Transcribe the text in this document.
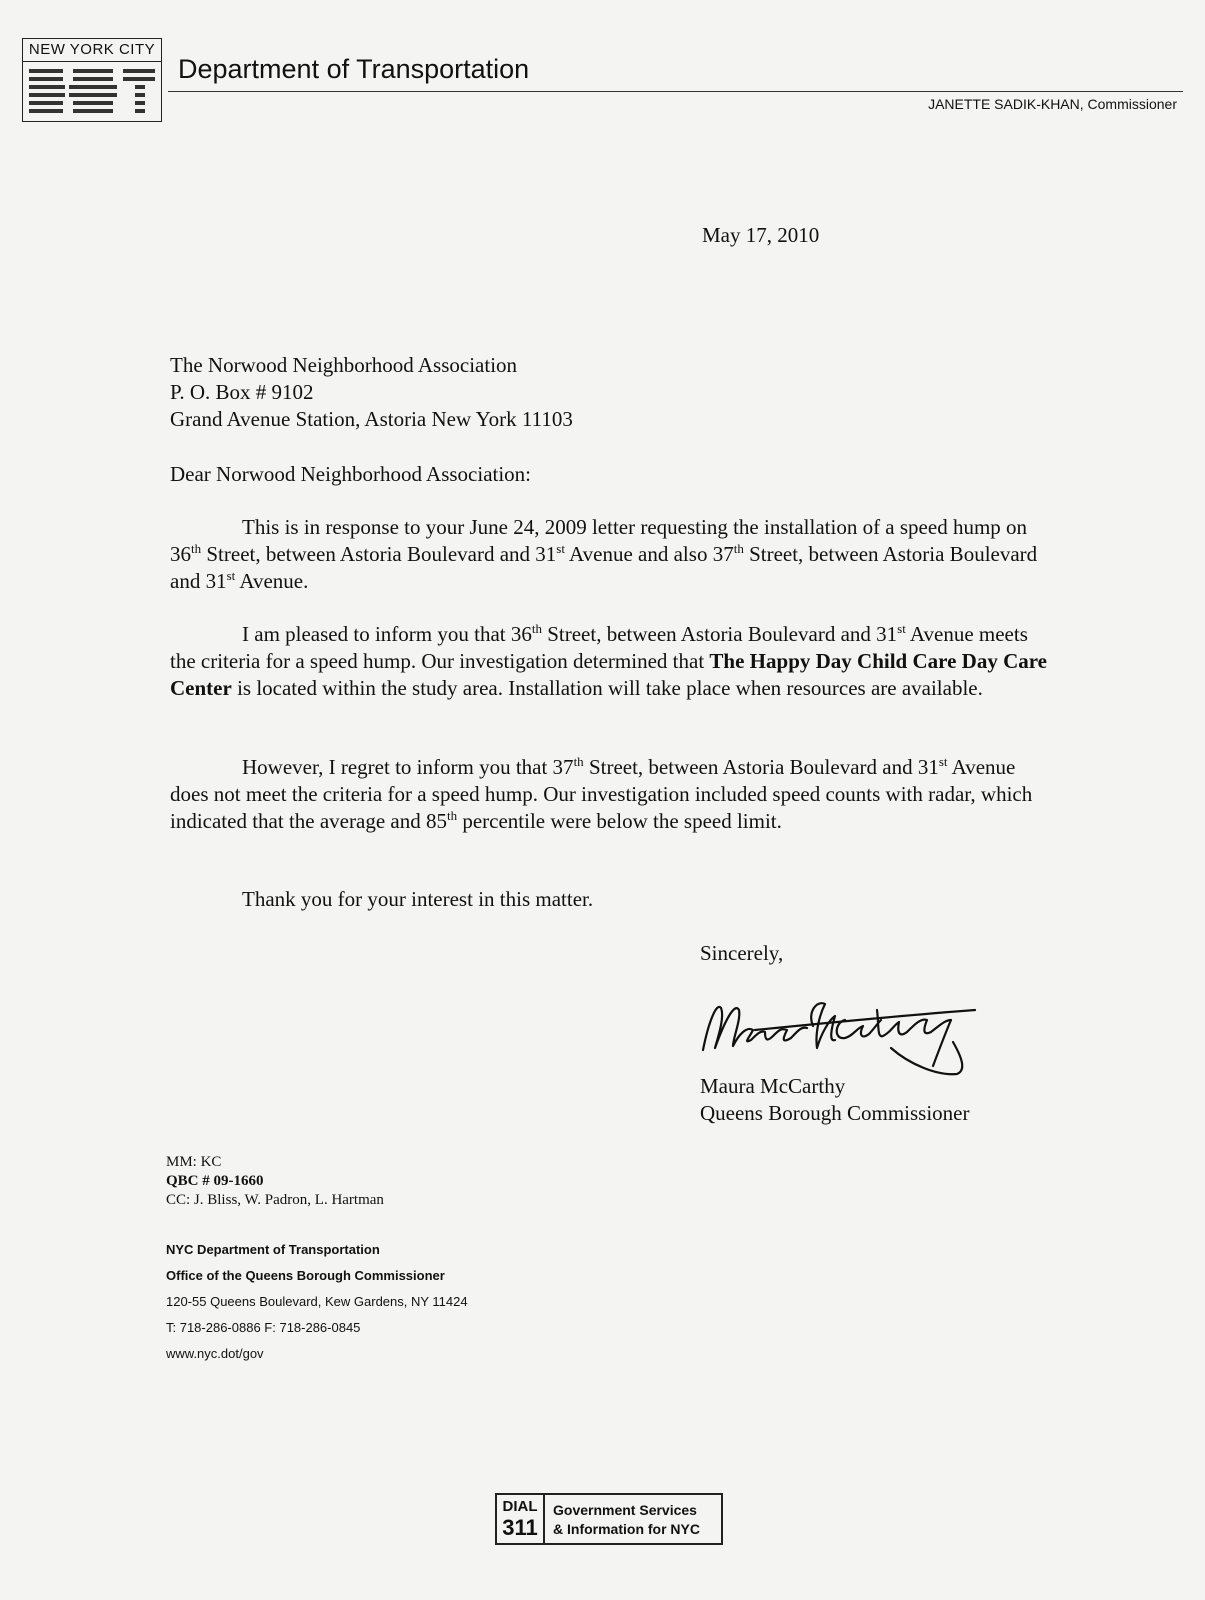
NEW YORK CITY
Department of Transportation
JANETTE SADIK-KHAN, Commissioner
May 17, 2010
The Norwood Neighborhood Association
P. O. Box # 9102
Grand Avenue Station, Astoria New York 11103
Dear Norwood Neighborhood Association:
This is in response to your June 24, 2009 letter requesting the installation of a speed hump on 36th Street, between Astoria Boulevard and 31st Avenue and also 37th Street, between Astoria Boulevard and 31st Avenue.
I am pleased to inform you that 36th Street, between Astoria Boulevard and 31st Avenue meets the criteria for a speed hump. Our investigation determined that The Happy Day Child Care Day Care Center is located within the study area. Installation will take place when resources are available.
However, I regret to inform you that 37th Street, between Astoria Boulevard and 31st Avenue does not meet the criteria for a speed hump. Our investigation included speed counts with radar, which indicated that the average and 85th percentile were below the speed limit.
Thank you for your interest in this matter.
Sincerely,
Maura McCarthy
Queens Borough Commissioner
MM: KC
QBC # 09-1660
CC: J. Bliss, W. Padron, L. Hartman
NYC Department of Transportation
Office of the Queens Borough Commissioner
120-55 Queens Boulevard, Kew Gardens, NY 11424
T: 718-286-0886 F: 718-286-0845
www.nyc.dot/gov
DIAL
311
Government Services
& Information for NYC
